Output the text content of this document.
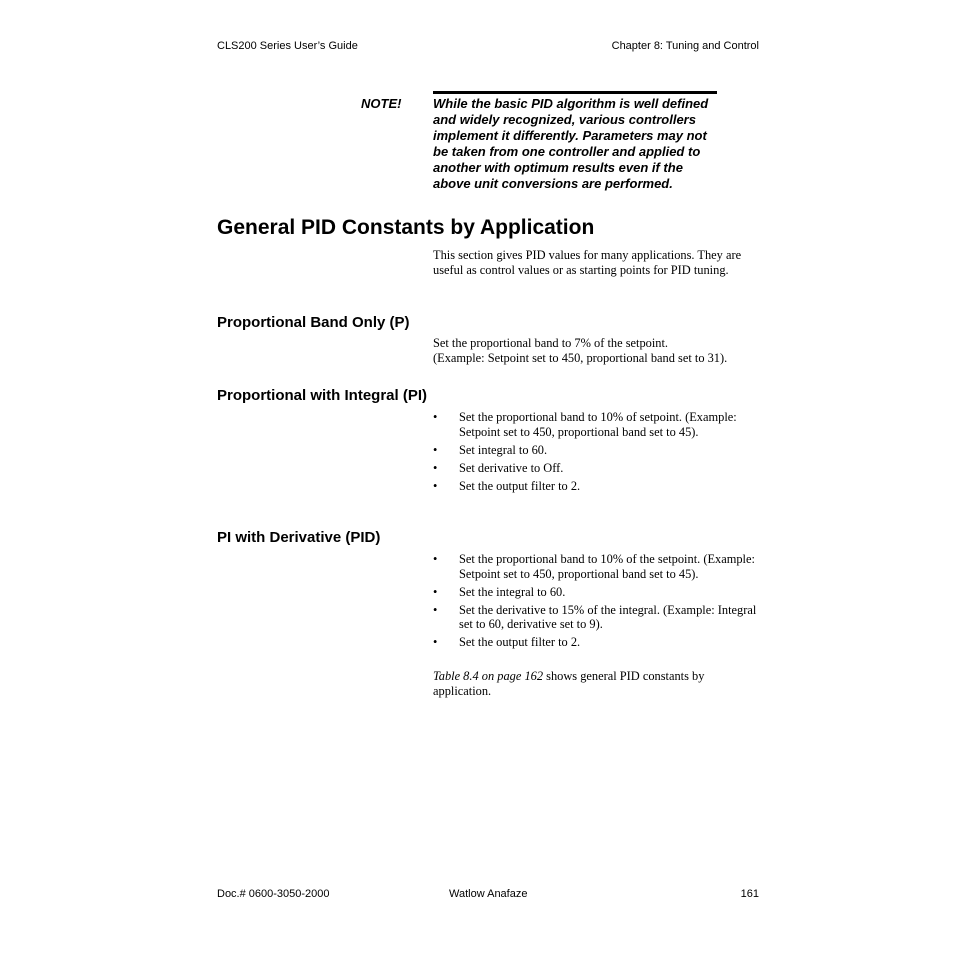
CLS200 Series User’s Guide	Chapter 8: Tuning and Control
NOTE! While the basic PID algorithm is well defined and widely recognized, various controllers implement it differently. Parameters may not be taken from one controller and applied to another with optimum results even if the above unit conversions are performed.
General PID Constants by Application
This section gives PID values for many applications. They are useful as control values or as starting points for PID tuning.
Proportional Band Only (P)
Set the proportional band to 7% of the setpoint.
(Example: Setpoint set to 450, proportional band set to 31).
Proportional with Integral (PI)
• Set the proportional band to 10% of setpoint. (Example: Setpoint set to 450, proportional band set to 45).
• Set integral to 60.
• Set derivative to Off.
• Set the output filter to 2.
PI with Derivative (PID)
• Set the proportional band to 10% of the setpoint. (Example: Setpoint set to 450, proportional band set to 45).
• Set the integral to 60.
• Set the derivative to 15% of the integral. (Example: Integral set to 60, derivative set to 9).
• Set the output filter to 2.
Table 8.4 on page 162 shows general PID constants by application.
Doc.# 0600-3050-2000	Watlow Anafaze	161
